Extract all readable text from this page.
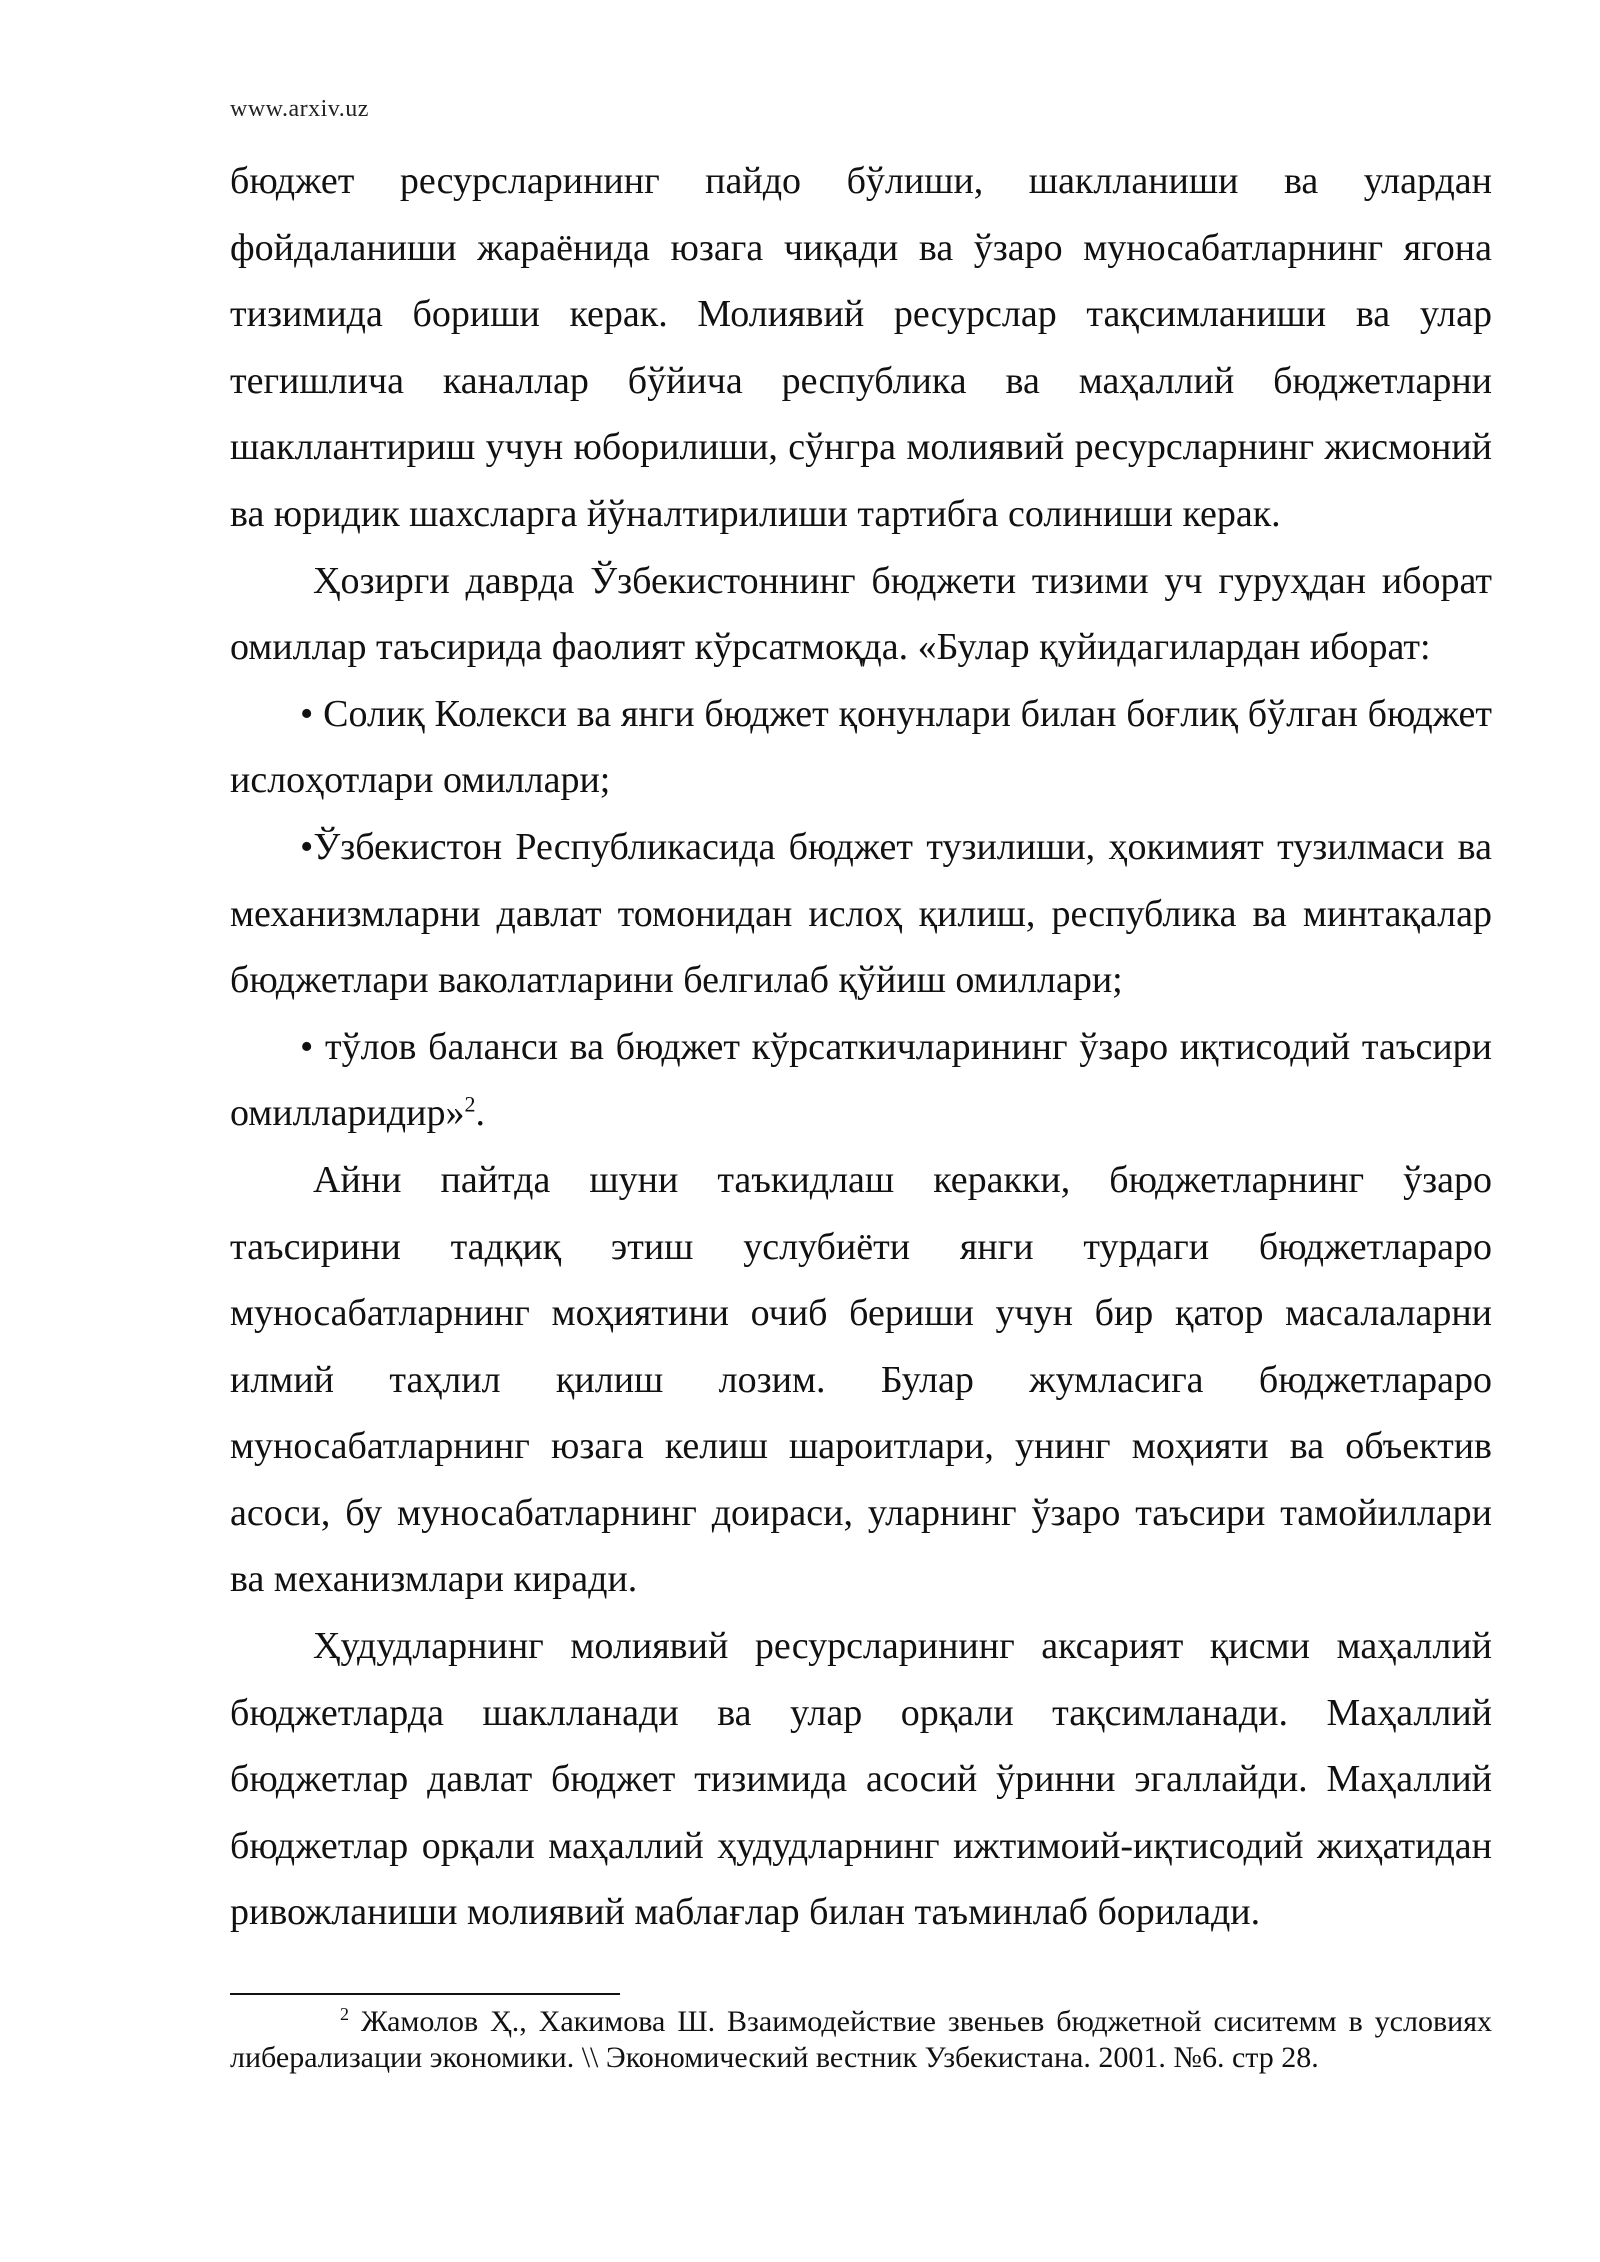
www.arxiv.uz

бюджет ресурсларининг пайдо бўлиши, шаклланиши ва улардан фойдаланиши жараёнида юзага чиқади ва ўзаро муносабатларнинг ягона тизимида бориши керак. Молиявий ресурслар тақсимланиши ва улар тегишлича каналлар бўйича республика ва маҳаллий бюджетларни шакллантириш учун юборилиши, сўнгра молиявий ресурсларнинг жисмоний ва юридик шахсларга йўналтирилиши тартибга солиниши керак.

Ҳозирги даврда Ўзбекистоннинг бюджети тизими уч гуруҳдан иборат омиллар таъсирида фаолият кўрсатмоқда. «Булар қуйидагилардан иборат:

• Солиқ Колекси ва янги бюджет қонунлари билан боғлиқ бўлган бюджет ислоҳотлари омиллари;

•Ўзбекистон Республикасида бюджет тузилиши, ҳокимият тузилмаси ва механизмларни давлат томонидан ислоҳ қилиш, республика ва минтақалар бюджетлари ваколатларини белгилаб қўйиш омиллари;

• тўлов баланси ва бюджет кўрсаткичларининг ўзаро иқтисодий таъсири омилларидир»$^2$.

Айни пайтда шуни таъкидлаш керакки, бюджетларнинг ўзаро таъсирини тадқиқ этиш услубиёти янги турдаги бюджетлараро муносабатларнинг моҳиятини очиб бериши учун бир қатор масалаларни илмий таҳлил қилиш лозим. Булар жумласига бюджетлараро муносабатларнинг юзага келиш шароитлари, унинг моҳияти ва объектив асоси, бу муносабатларнинг доираси, уларнинг ўзаро таъсири тамойиллари ва механизмлари киради.

Ҳудудларнинг молиявий ресурсларининг аксарият қисми маҳаллий бюджетларда шаклланади ва улар орқали тақсимланади. Маҳаллий бюджетлар давлат бюджет тизимида асосий ўринни эгаллайди. Маҳаллий бюджетлар орқали маҳаллий ҳудудларнинг ижтимоий-иқтисодий жиҳатидан ривожланиши молиявий маблағлар билан таъминлаб борилади.

$^2$ Жамолов Ҳ., Хакимова Ш. Взаимодействие звеньев бюджетной сиситемм в условиях либерализации экономики. \\ Экономический вестник Узбекистана. 2001. №6. стр 28.
